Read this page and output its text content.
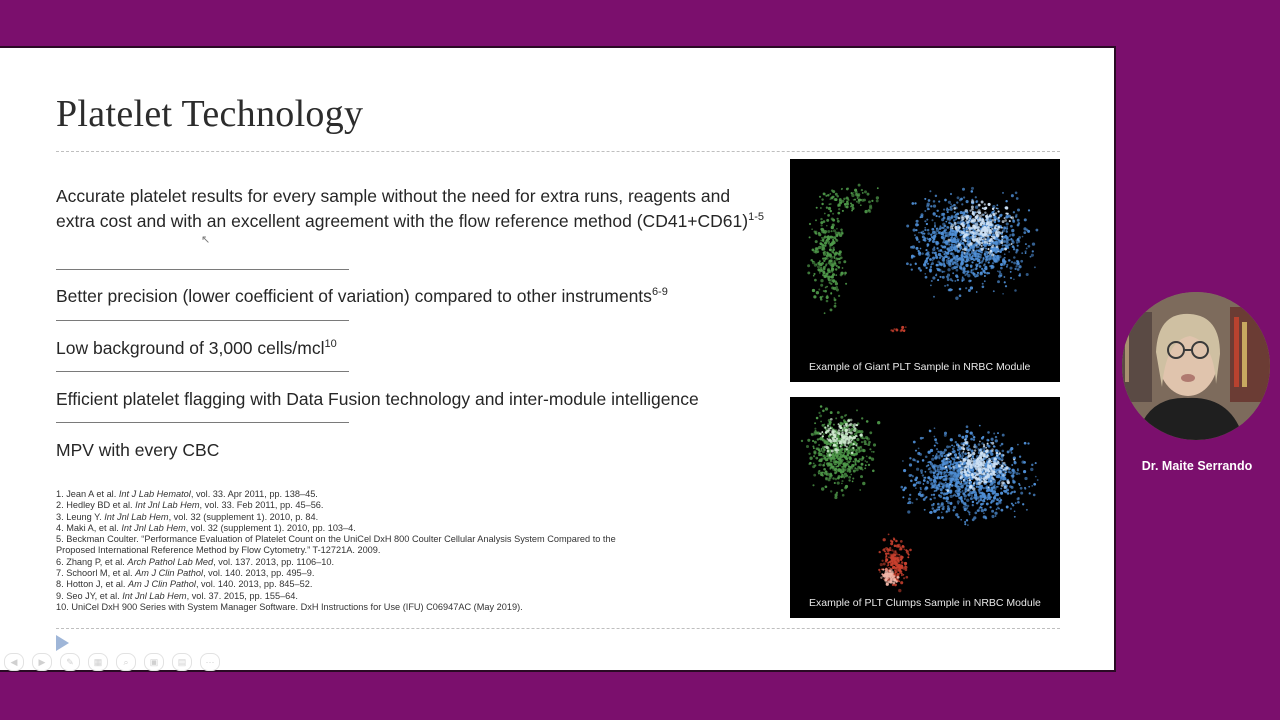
Platelet Technology
Accurate platelet results for every sample without the need for extra runs, reagents and extra cost and with an excellent agreement with the flow reference method $(CD41+CD61)^{1-5}$
Better precision (lower coefficient of variation) compared to other instruments$^{6-9}$
Low background of 3,000 cells/mcl$^{10}$
Efficient platelet flagging with Data Fusion technology and inter-module intelligence
MPV with every CBC
1. Jean A et al. Int J Lab Hematol, vol. 33. Apr 2011, pp. 138–45.
2. Hedley BD et al. Int Jnl Lab Hem, vol. 33. Feb 2011, pp. 45–56.
3. Leung Y. Int Jnl Lab Hem, vol. 32 (supplement 1). 2010, p. 84.
4. Maki A, et al. Int Jnl Lab Hem, vol. 32 (supplement 1). 2010, pp. 103–4.
5. Beckman Coulter. “Performance Evaluation of Platelet Count on the UniCel DxH 800 Coulter Cellular Analysis System Compared to the
Proposed International Reference Method by Flow Cytometry.” T-12721A. 2009.
6. Zhang P, et al. Arch Pathol Lab Med, vol. 137. 2013, pp. 1106–10.
7. Schoorl M, et al. Am J Clin Pathol, vol. 140. 2013, pp. 495–9.
8. Hotton J, et al. Am J Clin Pathol, vol. 140. 2013, pp. 845–52.
9. Seo JY, et al. Int Jnl Lab Hem, vol. 37. 2015, pp. 155–64.
10. UniCel DxH 900 Series with System Manager Software. DxH Instructions for Use (IFU) C06947AC (May 2019).
↖
Example of Giant PLT Sample in NRBC Module
Example of PLT Clumps Sample in NRBC Module
◀	▶	✎	▦	⌕	▣	▤	⋯
Dr. Maite Serrando
